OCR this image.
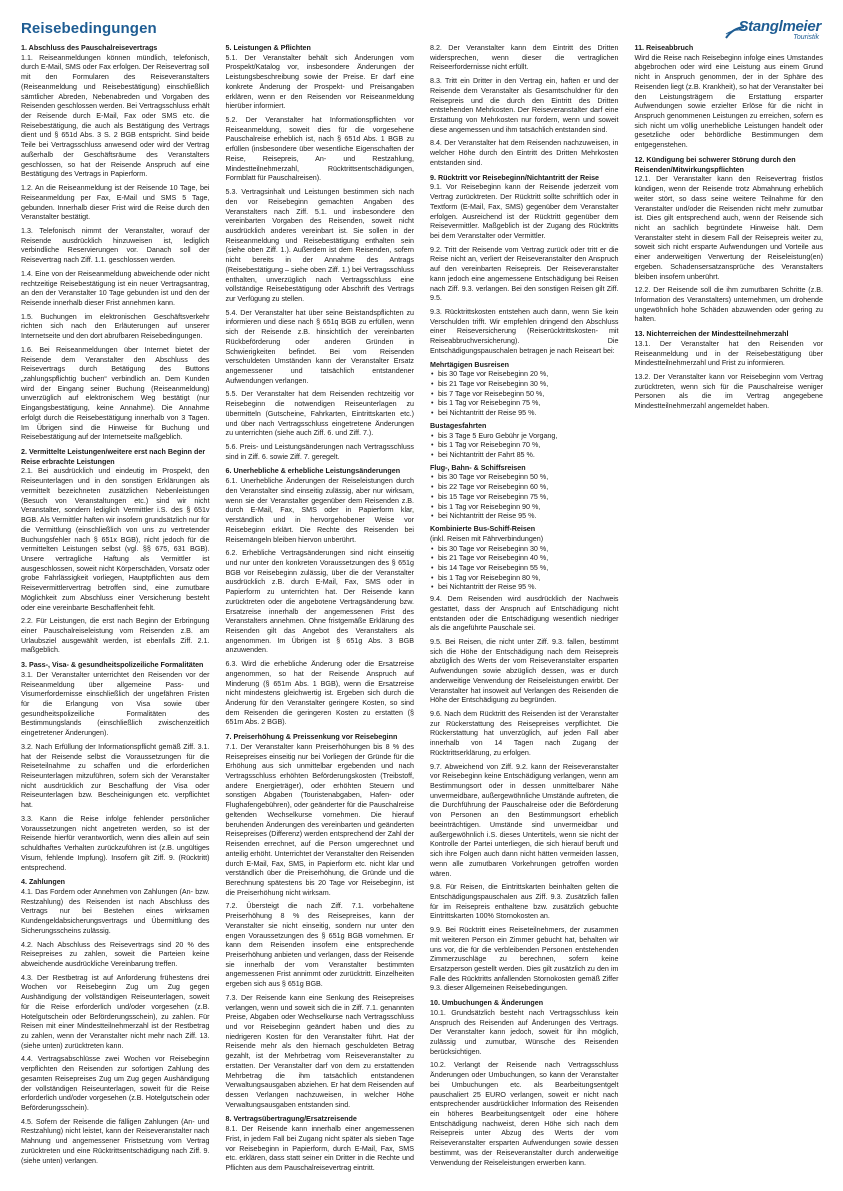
Reisebedingungen	Stanglmeier
Touristik
1. Abschluss des Pauschalreisevertrags

1.1. Reiseanmeldungen können mündlich, telefonisch, durch E-Mail, SMS oder Fax erfolgen. Der Reisevertrag soll mit den Formularen des Reiseveranstalters (Reiseanmeldung und Reisebestätigung) einschließlich sämtlicher Abreden, Nebenabreden und Vorgaben des Reisenden geschlossen werden. Bei Vertragsschluss erhält der Reisende durch E-Mail, Fax oder SMS etc. die Reisebestätigung, die auch als Bestätigung des Vertrags dient und § 651d Abs. 3 S. 2 BGB entspricht. Sind beide Teile bei Vertragsschluss anwesend oder wird der Vertrag außerhalb der Geschäftsräume des Veranstalters geschlossen, so hat der Reisende Anspruch auf eine Bestätigung des Vertrags in Papierform.

1.2. An die Reiseanmeldung ist der Reisende 10 Tage, bei Reiseanmeldung per Fax, E-Mail und SMS 5 Tage, gebunden. Innerhalb dieser Frist wird die Reise durch den Veranstalter bestätigt.

1.3. Telefonisch nimmt der Veranstalter, worauf der Reisende ausdrücklich hinzuweisen ist, lediglich verbindliche Reservierungen vor. Danach soll der Reisevertrag nach Ziff. 1.1. geschlossen werden.

1.4. Eine von der Reiseanmeldung abweichende oder nicht rechtzeitige Reisebestätigung ist ein neuer Vertragsantrag, an den der Veranstalter 10 Tage gebunden ist und den der Reisende innerhalb dieser Frist annehmen kann.

1.5. Buchungen im elektronischen Geschäftsverkehr richten sich nach den Erläuterungen auf unserer Internetseite und den dort abrufbaren Reisebedingungen.

1.6. Bei Reiseanmeldungen über Internet bietet der Reisende dem Veranstalter den Abschluss des Reisevertrags durch Betätigung des Buttons „zahlungspflichtig buchen“ verbindlich an. Dem Kunden wird der Eingang seiner Buchung (Reiseanmeldung) unverzüglich auf elektronischem Weg bestätigt (nur Eingangsbestätigung, keine Annahme). Die Annahme erfolgt durch die Reisebestätigung innerhalb von 3 Tagen. Im Übrigen sind die Hinweise für Buchung und Reisebestätigung auf der Internetseite maßgeblich.

2. Vermittelte Leistungen/weitere erst nach Beginn der Reise erbrachte Leistungen

2.1. Bei ausdrücklich und eindeutig im Prospekt, den Reiseunterlagen und in den sonstigen Erklärungen als vermittelt bezeichneten zusätzlichen Nebenleistungen (Besuch von Veranstaltungen etc.) sind wir nicht Veranstalter, sondern lediglich Vermittler i.S. des § 651v BGB. Als Vermittler haften wir insofern grundsätzlich nur für die Vermittlung (einschließlich von uns zu vertretender Buchungsfehler nach § 651x BGB), nicht jedoch für die vermittelten Leistungen selbst (vgl. §§ 675, 631 BGB). Unsere vertragliche Haftung als Vermittler ist ausgeschlossen, soweit nicht Körperschäden, Vorsatz oder grobe Fahrlässigkeit vorliegen, Hauptpflichten aus dem Reisevermittlervertrag betroffen sind, eine zumutbare Möglichkeit zum Abschluss einer Versicherung besteht oder eine vereinbarte Beschaffenheit fehlt.

2.2. Für Leistungen, die erst nach Beginn der Erbringung einer Pauschalreiseleistung vom Reisenden z.B. am Urlaubsziel ausgewählt werden, ist ebenfalls Ziff. 2.1. maßgeblich.

3. Pass-, Visa- & gesundheitspolizeiliche Formalitäten

3.1. Der Veranstalter unterrichtet den Reisenden vor der Reiseanmeldung über allgemeine Pass- und Visumerfordernisse einschließlich der ungefähren Fristen für die Erlangung von Visa sowie über gesundheitspolizeiliche Formalitäten des Bestimmungslands (einschließlich zwischenzeitlich eingetretener Änderungen).

3.2. Nach Erfüllung der Informationspflicht gemäß Ziff. 3.1. hat der Reisende selbst die Voraussetzungen für die Reiseteilnahme zu schaffen und die erforderlichen Reiseunterlagen mitzuführen, sofern sich der Veranstalter nicht ausdrücklich zur Beschaffung der Visa oder Reiseunterlagen bzw. Bescheinigungen etc. verpflichtet hat.

3.3. Kann die Reise infolge fehlender persönlicher Voraussetzungen nicht angetreten werden, so ist der Reisende hierfür verantwortlich, wenn dies allein auf sein schuldhaftes Verhalten zurückzuführen ist (z.B. ungültiges Visum, fehlende Impfung). Insofern gilt Ziff. 9. (Rücktritt) entsprechend.

4. Zahlungen

4.1. Das Fordern oder Annehmen von Zahlungen (An- bzw. Restzahlung) des Reisenden ist nach Abschluss des Vertrags nur bei Bestehen eines wirksamen Kundengeldabsicherungsvertrags und Übermittlung des Sicherungsscheins zulässig.

4.2. Nach Abschluss des Reisevertrags sind 20 % des Reisepreises zu zahlen, soweit die Parteien keine abweichende ausdrückliche Vereinbarung treffen.

4.3. Der Restbetrag ist auf Anforderung frühestens drei Wochen vor Reisebeginn Zug um Zug gegen Aushändigung der vollständigen Reiseunterlagen, soweit für die Reise erforderlich und/oder vorgesehen (z.B. Hotelgutschein oder Beförderungsschein), zu zahlen. Für Reisen mit einer Mindestteilnehmerzahl ist der Restbetrag zu zahlen, wenn der Veranstalter nicht mehr nach Ziff. 13. (siehe unten) zurücktreten kann.

4.4. Vertragsabschlüsse zwei Wochen vor Reisebeginn verpflichten den Reisenden zur sofortigen Zahlung des gesamten Reisepreises Zug um Zug gegen Aushändigung der vollständigen Reiseunterlagen, soweit für die Reise erforderlich und/oder vorgesehen (z.B. Hotelgutschein oder Beförderungsschein).

4.5. Sofern der Reisende die fälligen Zahlungen (An- und Restzahlung) nicht leistet, kann der Reiseveranstalter nach Mahnung und angemessener Fristsetzung vom Vertrag zurücktreten und eine Rücktrittsentschädigung nach Ziff. 9. (siehe unten) verlangen.

5. Leistungen & Pflichten

5.1. Der Veranstalter behält sich Änderungen vom Prospekt/Katalog vor, insbesondere Änderungen der Leistungsbeschreibung sowie der Preise. Er darf eine konkrete Änderung der Prospekt- und Preisangaben erklären, wenn er den Reisenden vor Reiseanmeldung hierüber informiert.

5.2. Der Veranstalter hat Informationspflichten vor Reiseanmeldung, soweit dies für die vorgesehene Pauschalreise erheblich ist, nach § 651d Abs. 1 BGB zu erfüllen (insbesondere über wesentliche Eigenschaften der Reise, Reisepreis, An- und Restzahlung, Mindestteilnehmerzahl, Rücktrittsentschädigungen, Formblatt für Pauschalreisen).

5.3. Vertragsinhalt und Leistungen bestimmen sich nach den vor Reisebeginn gemachten Angaben des Veranstalters nach Ziff. 5.1. und insbesondere den vereinbarten Vorgaben des Reisenden, soweit nicht ausdrücklich anderes vereinbart ist. Sie sollen in der Reiseanmeldung und Reisebestätigung enthalten sein (siehe oben Ziff. 1.). Außerdem ist dem Reisenden, sofern nicht bereits in der Annahme des Antrags (Reisebestätigung – siehe oben Ziff. 1.) bei Vertragsschluss enthalten, unverzüglich nach Vertragsschluss eine vollständige Reisebestätigung oder Abschrift des Vertrags zur Verfügung zu stellen.

5.4. Der Veranstalter hat über seine Beistandspflichten zu informieren und diese nach § 651q BGB zu erfüllen, wenn sich der Reisende z.B. hinsichtlich der vereinbarten Rückbeförderung oder anderen Gründen in Schwierigkeiten befindet. Bei vom Reisenden verschuldeten Umständen kann der Veranstalter Ersatz angemessener und tatsächlich entstandener Aufwendungen verlangen.

5.5. Der Veranstalter hat dem Reisenden rechtzeitig vor Reisebeginn die notwendigen Reiseunterlagen zu übermitteln (Gutscheine, Fahrkarten, Eintrittskarten etc.) und über nach Vertragsschluss eingetretene Änderungen zu unterrichten (siehe auch Ziff. 6. und Ziff. 7.).

5.6. Preis- und Leistungsänderungen nach Vertragsschluss sind in Ziff. 6. sowie Ziff. 7. geregelt.

6. Unerhebliche & erhebliche Leistungsänderungen

6.1. Unerhebliche Änderungen der Reiseleistungen durch den Veranstalter sind einseitig zulässig, aber nur wirksam, wenn sie der Veranstalter gegenüber dem Reisenden z.B. durch E-Mail, Fax, SMS oder in Papierform klar, verständlich und in hervorgehobener Weise vor Reisebeginn erklärt. Die Rechte des Reisenden bei Reisemängeln bleiben hiervon unberührt.

6.2. Erhebliche Vertragsänderungen sind nicht einseitig und nur unter den konkreten Voraussetzungen des § 651g BGB vor Reisebeginn zulässig, über die der Veranstalter ausdrücklich z.B. durch E-Mail, Fax, SMS oder in Papierform zu unterrichten hat. Der Reisende kann zurücktreten oder die angebotene Vertragsänderung bzw. Ersatzreise innerhalb der angemessenen Frist des Veranstalters annehmen. Ohne fristgemäße Erklärung des Reisenden gilt das Angebot des Veranstalters als angenommen. Im Übrigen ist § 651g Abs. 3 BGB anzuwenden.

6.3. Wird die erhebliche Änderung oder die Ersatzreise angenommen, so hat der Reisende Anspruch auf Minderung (§ 651m Abs. 1 BGB), wenn die Ersatzreise nicht mindestens gleichwertig ist. Ergeben sich durch die Änderung für den Veranstalter geringere Kosten, so sind dem Reisenden die geringeren Kosten zu erstatten (§ 651m Abs. 2 BGB).

7. Preiserhöhung & Preissenkung vor Reisebeginn

7.1. Der Veranstalter kann Preiserhöhungen bis 8 % des Reisepreises einseitig nur bei Vorliegen der Gründe für die Erhöhung aus sich unmittelbar ergebenden und nach Vertragsschluss erhöhten Beförderungskosten (Treibstoff, andere Energieträger), oder erhöhten Steuern und sonstigen Abgaben (Touristenabgaben, Hafen- oder Flughafengebühren), oder geänderter für die Pauschalreise geltenden Wechselkurse vornehmen. Die hierauf beruhenden Änderungen des vereinbarten und geänderten Reisepreises (Differenz) werden entsprechend der Zahl der Reisenden errechnet, auf die Person umgerechnet und anteilig erhöht. Unterrichtet der Veranstalter den Reisenden durch E-Mail, Fax, SMS, in Papierform etc. nicht klar und verständlich über die Preiserhöhung, die Gründe und die Berechnung spätestens bis 20 Tage vor Reisebeginn, ist die Preiserhöhung nicht wirksam.

7.2. Übersteigt die nach Ziff. 7.1. vorbehaltene Preiserhöhung 8 % des Reisepreises, kann der Veranstalter sie nicht einseitig, sondern nur unter den engen Voraussetzungen des § 651g BGB vornehmen. Er kann dem Reisenden insofern eine entsprechende Preiserhöhung anbieten und verlangen, dass der Reisende sie innerhalb der vom Veranstalter bestimmten angemessenen Frist annimmt oder zurücktritt. Einzelheiten ergeben sich aus § 651g BGB.

7.3. Der Reisende kann eine Senkung des Reisepreises verlangen, wenn und soweit sich die in Ziff. 7.1. genannten Preise, Abgaben oder Wechselkurse nach Vertragsschluss und vor Reisebeginn geändert haben und dies zu niedrigeren Kosten für den Veranstalter führt. Hat der Reisende mehr als den hiernach geschuldeten Betrag gezahlt, ist der Mehrbetrag vom Reiseveranstalter zu erstatten. Der Veranstalter darf von dem zu erstattenden Mehrbetrag die ihm tatsächlich entstandenen Verwaltungsausgaben abziehen. Er hat dem Reisenden auf dessen Verlangen nachzuweisen, in welcher Höhe Verwaltungsausgaben entstanden sind.

8. Vertragsübertragung/Ersatzreisende

8.1. Der Reisende kann innerhalb einer angemessenen Frist, in jedem Fall bei Zugang nicht später als sieben Tage vor Reisebeginn in Papierform, durch E-Mail, Fax, SMS etc. erklären, dass statt seiner ein Dritter in die Rechte und Pflichten aus dem Pauschalreisevertrag eintritt.

8.2. Der Veranstalter kann dem Eintritt des Dritten widersprechen, wenn dieser die vertraglichen Reiseerfordernisse nicht erfüllt.

8.3. Tritt ein Dritter in den Vertrag ein, haften er und der Reisende dem Veranstalter als Gesamtschuldner für den Reisepreis und die durch den Eintritt des Dritten entstehenden Mehrkosten. Der Reiseveranstalter darf eine Erstattung von Mehrkosten nur fordern, wenn und soweit diese angemessen und ihm tatsächlich entstanden sind.

8.4. Der Veranstalter hat dem Reisenden nachzuweisen, in welcher Höhe durch den Eintritt des Dritten Mehrkosten entstanden sind.

9. Rücktritt vor Reisebeginn/Nichtantritt der Reise

9.1. Vor Reisebeginn kann der Reisende jederzeit vom Vertrag zurücktreten. Der Rücktritt sollte schriftlich oder in Textform (E-Mail, Fax, SMS) gegenüber dem Veranstalter erfolgen. Ausreichend ist der Rücktritt gegenüber dem Reisevermittler. Maßgeblich ist der Zugang des Rücktritts bei dem Veranstalter oder Vermittler.

9.2. Tritt der Reisende vom Vertrag zurück oder tritt er die Reise nicht an, verliert der Reiseveranstalter den Anspruch auf den vereinbarten Reisepreis. Der Reiseveranstalter kann jedoch eine angemessene Entschädigung bei Reisen nach Ziff. 9.3. verlangen. Bei den sonstigen Reisen gilt Ziff. 9.5.

9.3. Rücktrittskosten entstehen auch dann, wenn Sie kein Verschulden trifft. Wir empfehlen dringend den Abschluss einer Reiseversicherung (Reiserücktrittskosten- mit Reiseabbruchversicherung). Die Entschädigungspauschalen betragen je nach Reiseart bei:

Mehrtägigen Busreisen
• bis 30 Tage vor Reisebeginn 20 %,
• bis 21 Tage vor Reisebeginn 30 %,
• bis 7 Tage vor Reisebeginn 50 %,
• bis 1 Tag vor Reisebeginn 75 %,
• bei Nichtantritt der Reise 95 %.
Bustagesfahrten
• bis 3 Tage 5 Euro Gebühr je Vorgang,
• bis 1 Tag vor Reisebeginn 70 %,
• bei Nichtantritt der Fahrt 85 %.
Flug-, Bahn- & Schiffsreisen
• bis 30 Tage vor Reisebeginn 50 %,
• bis 22 Tage vor Reisebeginn 60 %,
• bis 15 Tage vor Reisebeginn 75 %,
• bis 1 Tag vor Reisebeginn 90 %,
• bei Nichtantritt der Reise 95 %.
Kombinierte Bus-Schiff-Reisen
(inkl. Reisen mit Fährverbindungen)
• bis 30 Tage vor Reisebeginn 30 %,
• bis 21 Tage vor Reisebeginn 40 %,
• bis 14 Tage vor Reisebeginn 55 %,
• bis 1 Tag vor Reisebeginn 80 %,
• bei Nichtantritt der Reise 95 %.

9.4. Dem Reisenden wird ausdrücklich der Nachweis gestattet, dass der Anspruch auf Entschädigung nicht entstanden oder die Entschädigung wesentlich niedriger als die angeführte Pauschale sei.

9.5. Bei Reisen, die nicht unter Ziff. 9.3. fallen, bestimmt sich die Höhe der Entschädigung nach dem Reisepreis abzüglich des Werts der vom Reiseveranstalter ersparten Aufwendungen sowie abzüglich dessen, was er durch anderweitige Verwendung der Reiseleistungen erwirbt. Der Veranstalter hat insoweit auf Verlangen des Reisenden die Höhe der Entschädigung zu begründen.

9.6. Nach dem Rücktritt des Reisenden ist der Veranstalter zur Rückerstattung des Reisepreises verpflichtet. Die Rückerstattung hat unverzüglich, auf jeden Fall aber innerhalb von 14 Tagen nach Zugang der Rücktrittserklärung, zu erfolgen.

9.7. Abweichend von Ziff. 9.2. kann der Reiseveranstalter vor Reisebeginn keine Entschädigung verlangen, wenn am Bestimmungsort oder in dessen unmittelbarer Nähe unvermeidbare, außergewöhnliche Umstände auftreten, die die Durchführung der Pauschalreise oder die Beförderung von Personen an den Bestimmungsort erheblich beeinträchtigen. Umstände sind unvermeidbar und außergewöhnlich i.S. dieses Untertitels, wenn sie nicht der Kontrolle der Partei unterliegen, die sich hierauf beruft und sich ihre Folgen auch dann nicht hätten vermeiden lassen, wenn alle zumutbaren Vorkehrungen getroffen worden wären.

9.8. Für Reisen, die Eintrittskarten beinhalten gelten die Entschädigungspauschalen aus Ziff. 9.3. Zusätzlich fallen für im Reisepreis enthaltene bzw. zusätzlich gebuchte Eintrittskarten 100% Stornokosten an.

9.9. Bei Rücktritt eines Reiseteilnehmers, der zusammen mit weiteren Person ein Zimmer gebucht hat, behalten wir uns vor, die für die verbleibenden Personen entstehenden Zimmerzuschläge zu berechnen, sofern keine Ersatzperson gestellt werden. Dies gilt zusätzlich zu den im Falle des Rücktritts anfallenden Stornokosten gemäß Ziffer 9.3. dieser Allgemeinen Reisebedingungen.

10. Umbuchungen & Änderungen

10.1. Grundsätzlich besteht nach Vertragsschluss kein Anspruch des Reisenden auf Änderungen des Vertrags. Der Veranstalter kann jedoch, soweit für ihn möglich, zulässig und zumutbar, Wünsche des Reisenden berücksichtigen.

10.2. Verlangt der Reisende nach Vertragsschluss Änderungen oder Umbuchungen, so kann der Veranstalter bei Umbuchungen etc. als Bearbeitungsentgelt pauschaliert 25 EURO verlangen, soweit er nicht nach entsprechender ausdrücklicher Information des Reisenden ein höheres Bearbeitungsentgelt oder eine höhere Entschädigung nachweist, deren Höhe sich nach dem Reisepreis unter Abzug des Werts der vom Reiseveranstalter ersparten Aufwendungen sowie dessen bestimmt, was der Reiseveranstalter durch anderweitige Verwendung der Reiseleistungen erwerben kann.

11. Reiseabbruch

Wird die Reise nach Reisebeginn infolge eines Umstandes abgebrochen oder wird eine Leistung aus einem Grund nicht in Anspruch genommen, der in der Sphäre des Reisenden liegt (z.B. Krankheit), so hat der Veranstalter bei den Leistungsträgern die Erstattung ersparter Aufwendungen sowie erzielter Erlöse für die nicht in Anspruch genommenen Leistungen zu erreichen, sofern es sich nicht um völlig unerhebliche Leistungen handelt oder gesetzliche oder behördliche Bestimmungen dem entgegenstehen.

12. Kündigung bei schwerer Störung durch den Reisenden/Mitwirkungspflichten

12.1. Der Veranstalter kann den Reisevertrag fristlos kündigen, wenn der Reisende trotz Abmahnung erheblich weiter stört, so dass seine weitere Teilnahme für den Veranstalter und/oder die Reisenden nicht mehr zumutbar ist. Dies gilt entsprechend auch, wenn der Reisende sich nicht an sachlich begründete Hinweise hält. Dem Veranstalter steht in diesem Fall der Reisepreis weiter zu, soweit sich nicht ersparte Aufwendungen und Vorteile aus einer anderweitigen Verwertung der Reiseleistung(en) ergeben. Schadensersatzansprüche des Veranstalters bleiben insofern unberührt.

12.2. Der Reisende soll die ihm zumutbaren Schritte (z.B. Information des Veranstalters) unternehmen, um drohende ungewöhnlich hohe Schäden abzuwenden oder gering zu halten.

13. Nichterreichen der Mindestteilnehmerzahl

13.1. Der Veranstalter hat den Reisenden vor Reiseanmeldung und in der Reisebestätigung über Mindestteilnehmerzahl und Frist zu informieren.

13.2. Der Veranstalter kann vor Reisebeginn vom Vertrag zurücktreten, wenn sich für die Pauschalreise weniger Personen als die im Vertrag angegebene Mindestteilnehmerzahl angemeldet haben.
